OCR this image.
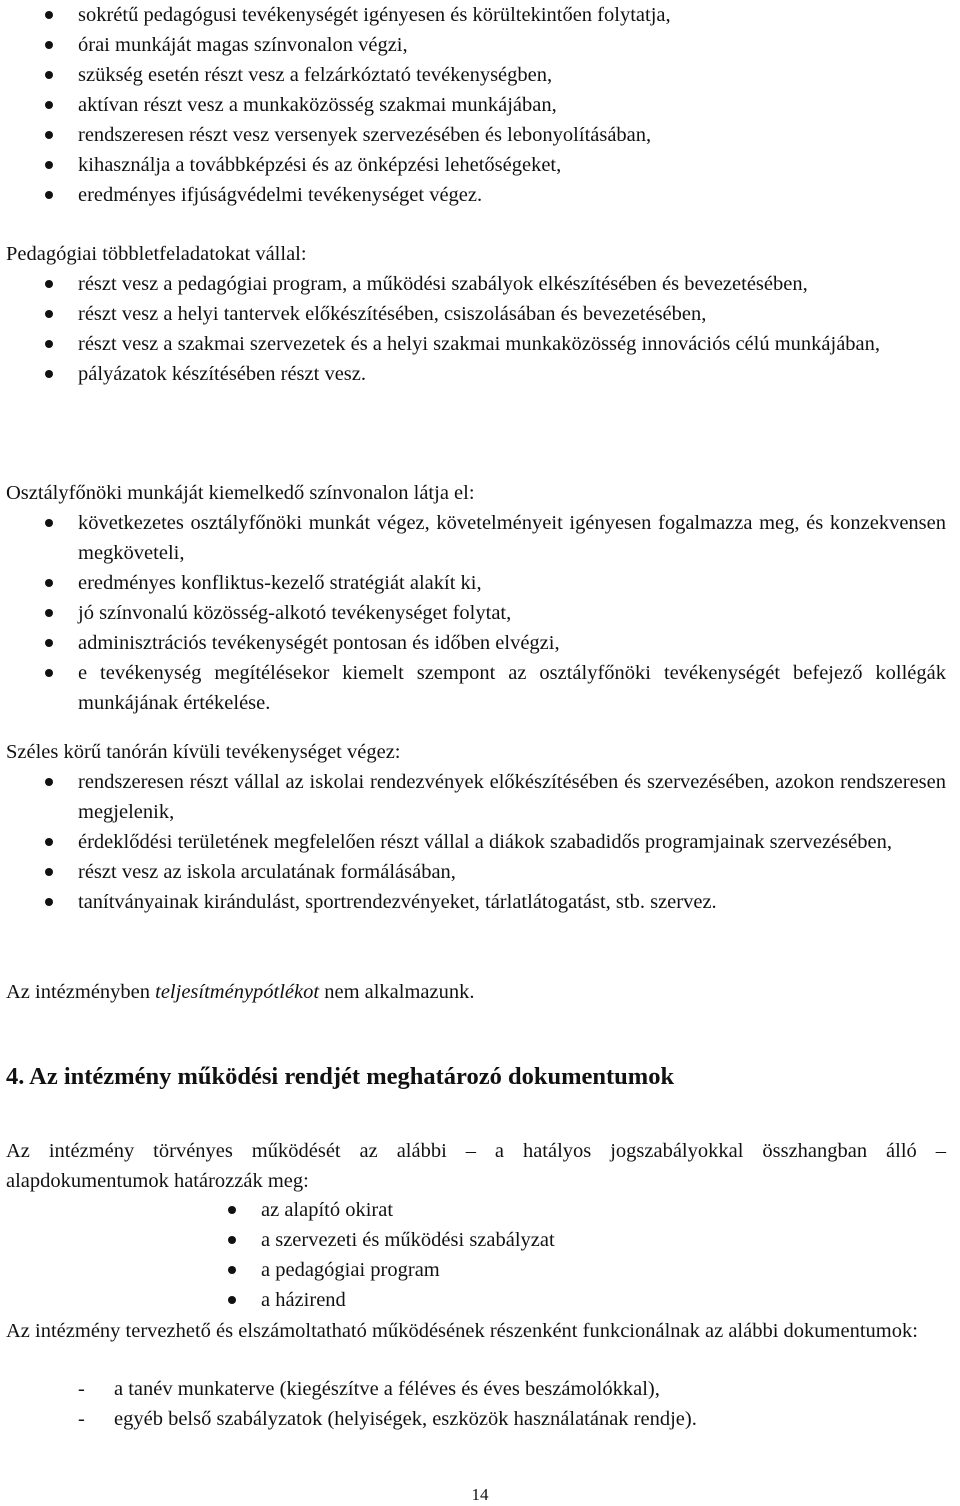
sokrétű pedagógusi tevékenységét igényesen és körültekintően folytatja,
órai munkáját magas színvonalon végzi,
szükség esetén részt vesz a felzárkóztató tevékenységben,
aktívan részt vesz a munkaközösség szakmai munkájában,
rendszeresen részt vesz versenyek szervezésében és lebonyolításában,
kihasználja a továbbképzési és az önképzési lehetőségeket,
eredményes ifjúságvédelmi tevékenységet végez.

Pedagógiai többletfeladatokat vállal:

részt vesz a pedagógiai program, a működési szabályok elkészítésében és bevezetésében,
részt vesz a helyi tantervek előkészítésében, csiszolásában és bevezetésében,
részt vesz a szakmai szervezetek és a helyi szakmai munkaközösség innovációs célú munkájában,
pályázatok készítésében részt vesz.

Osztályfőnöki munkáját kiemelkedő színvonalon látja el:

következetes osztályfőnöki munkát végez, követelményeit igényesen fogalmazza meg, és konzekvensen megköveteli,
eredményes konfliktus-kezelő stratégiát alakít ki,
jó színvonalú közösség-alkotó tevékenységet folytat,
adminisztrációs tevékenységét pontosan és időben elvégzi,
e tevékenység megítélésekor kiemelt szempont az osztályfőnöki tevékenységét befejező kollégák munkájának értékelése.

Széles körű tanórán kívüli tevékenységet végez:

rendszeresen részt vállal az iskolai rendezvények előkészítésében és szervezésében, azokon rendszeresen megjelenik,
érdeklődési területének megfelelően részt vállal a diákok szabadidős programjainak szervezésében,
részt vesz az iskola arculatának formálásában,
tanítványainak kirándulást, sportrendezvényeket, tárlatlátogatást, stb. szervez.

Az intézményben teljesítménypótlékot nem alkalmazunk.

4. Az intézmény működési rendjét meghatározó dokumentumok

Az intézmény törvényes működését az alábbi – a hatályos jogszabályokkal összhangban álló – alapdokumentumok határozzák meg:

az alapító okirat
a szervezeti és működési szabályzat
a pedagógiai program
a házirend

Az intézmény tervezhető és elszámoltatható működésének részenként funkcionálnak az alábbi dokumentumok:

- a tanév munkaterve (kiegészítve a féléves és éves beszámolókkal),
- egyéb belső szabályzatok (helyiségek, eszközök használatának rendje).
14
